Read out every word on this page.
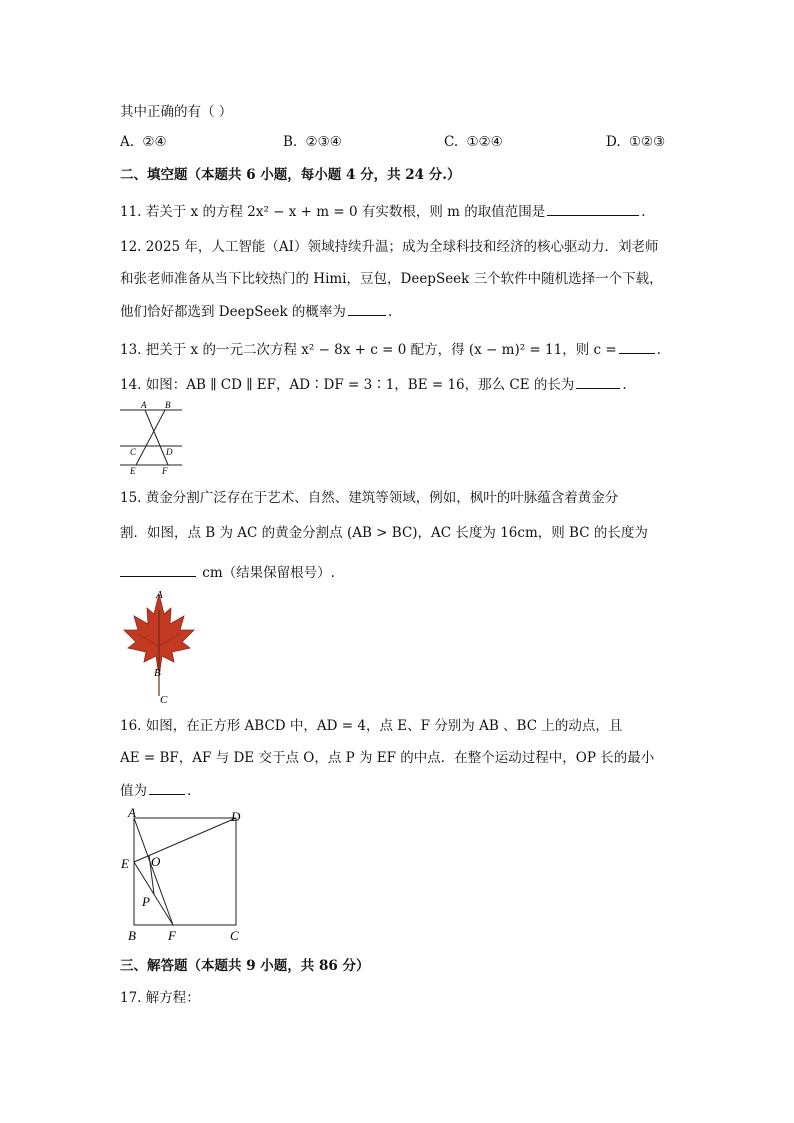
其中正确的有（ ）
A. ②④	B. ②③④	C. ①②④	D. ①②③
二、填空题（本题共 6 小题，每小题 4 分，共 24 分.）
11. 若关于 x 的方程 2x² − x + m = 0 有实数根，则 m 的取值范围是	.
12. 2025 年，人工智能（AI）领域持续升温；成为全球科技和经济的核心驱动力．刘老师
和张老师准备从当下比较热门的 Himi，豆包，DeepSeek 三个软件中随机选择一个下载，
他们恰好都选到 DeepSeek 的概率为	.
13. 把关于 x 的一元二次方程 x² − 8x + c = 0 配方，得 (x − m)² = 11，则 c =	.
14. 如图：AB ∥ CD ∥ EF，AD∶DF = 3∶1，BE = 16，那么 CE 的长为	.
A B
C	D
E	F
15. 黄金分割广泛存在于艺术、自然、建筑等领域，例如，枫叶的叶脉蕴含着黄金分
割．如图，点 B 为 AC 的黄金分割点 (AB > BC)，AC 长度为 16cm，则 BC 的长度为
cm（结果保留根号）.
A
B
C
16. 如图，在正方形 ABCD 中，AD = 4，点 E、F 分别为 AB 、BC 上的动点，且
AE = BF，AF 与 DE 交于点 O，点 P 为 EF 的中点．在整个运动过程中，OP 长的最小
值为	.
A	D
E O
P
B F	C
三、解答题（本题共 9 小题，共 86 分）
17. 解方程：
